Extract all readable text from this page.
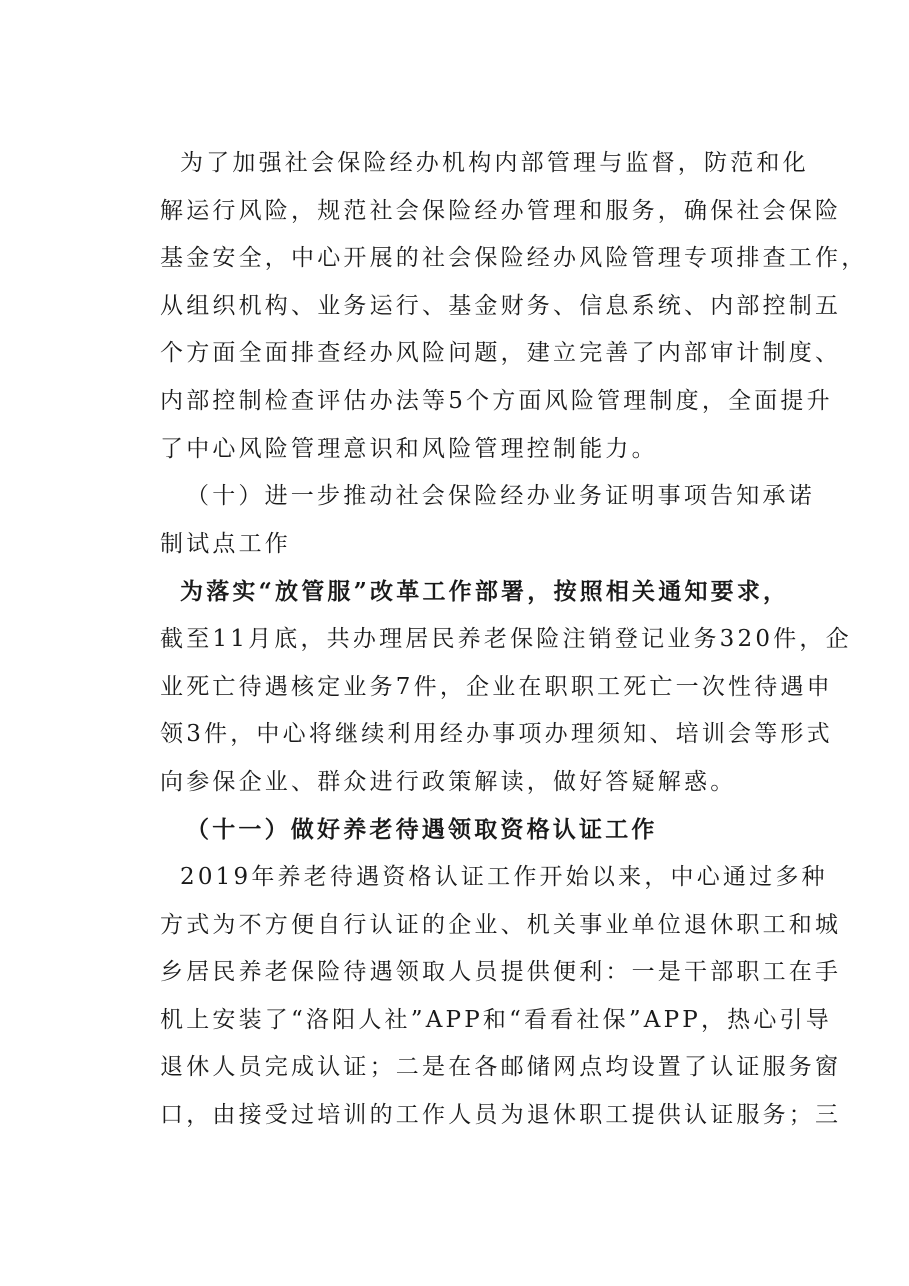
为了加强社会保险经办机构内部管理与监督，防范和化
解运行风险，规范社会保险经办管理和服务，确保社会保险
基金安全，中心开展的社会保险经办风险管理专项排查工作，
从组织机构、业务运行、基金财务、信息系统、内部控制五
个方面全面排查经办风险问题，建立完善了内部审计制度、
内部控制检查评估办法等5个方面风险管理制度，全面提升
了中心风险管理意识和风险管理控制能力。
（十）进一步推动社会保险经办业务证明事项告知承诺
制试点工作
为落实“放管服”改革工作部署，按照相关通知要求，
截至11月底，共办理居民养老保险注销登记业务320件，企
业死亡待遇核定业务7件，企业在职职工死亡一次性待遇申
领3件，中心将继续利用经办事项办理须知、培训会等形式
向参保企业、群众进行政策解读，做好答疑解惑。
（十一）做好养老待遇领取资格认证工作
2019年养老待遇资格认证工作开始以来，中心通过多种
方式为不方便自行认证的企业、机关事业单位退休职工和城
乡居民养老保险待遇领取人员提供便利：一是干部职工在手
机上安装了“洛阳人社”APP和“看看社保”APP，热心引导
退休人员完成认证；二是在各邮储网点均设置了认证服务窗
口，由接受过培训的工作人员为退休职工提供认证服务；三
